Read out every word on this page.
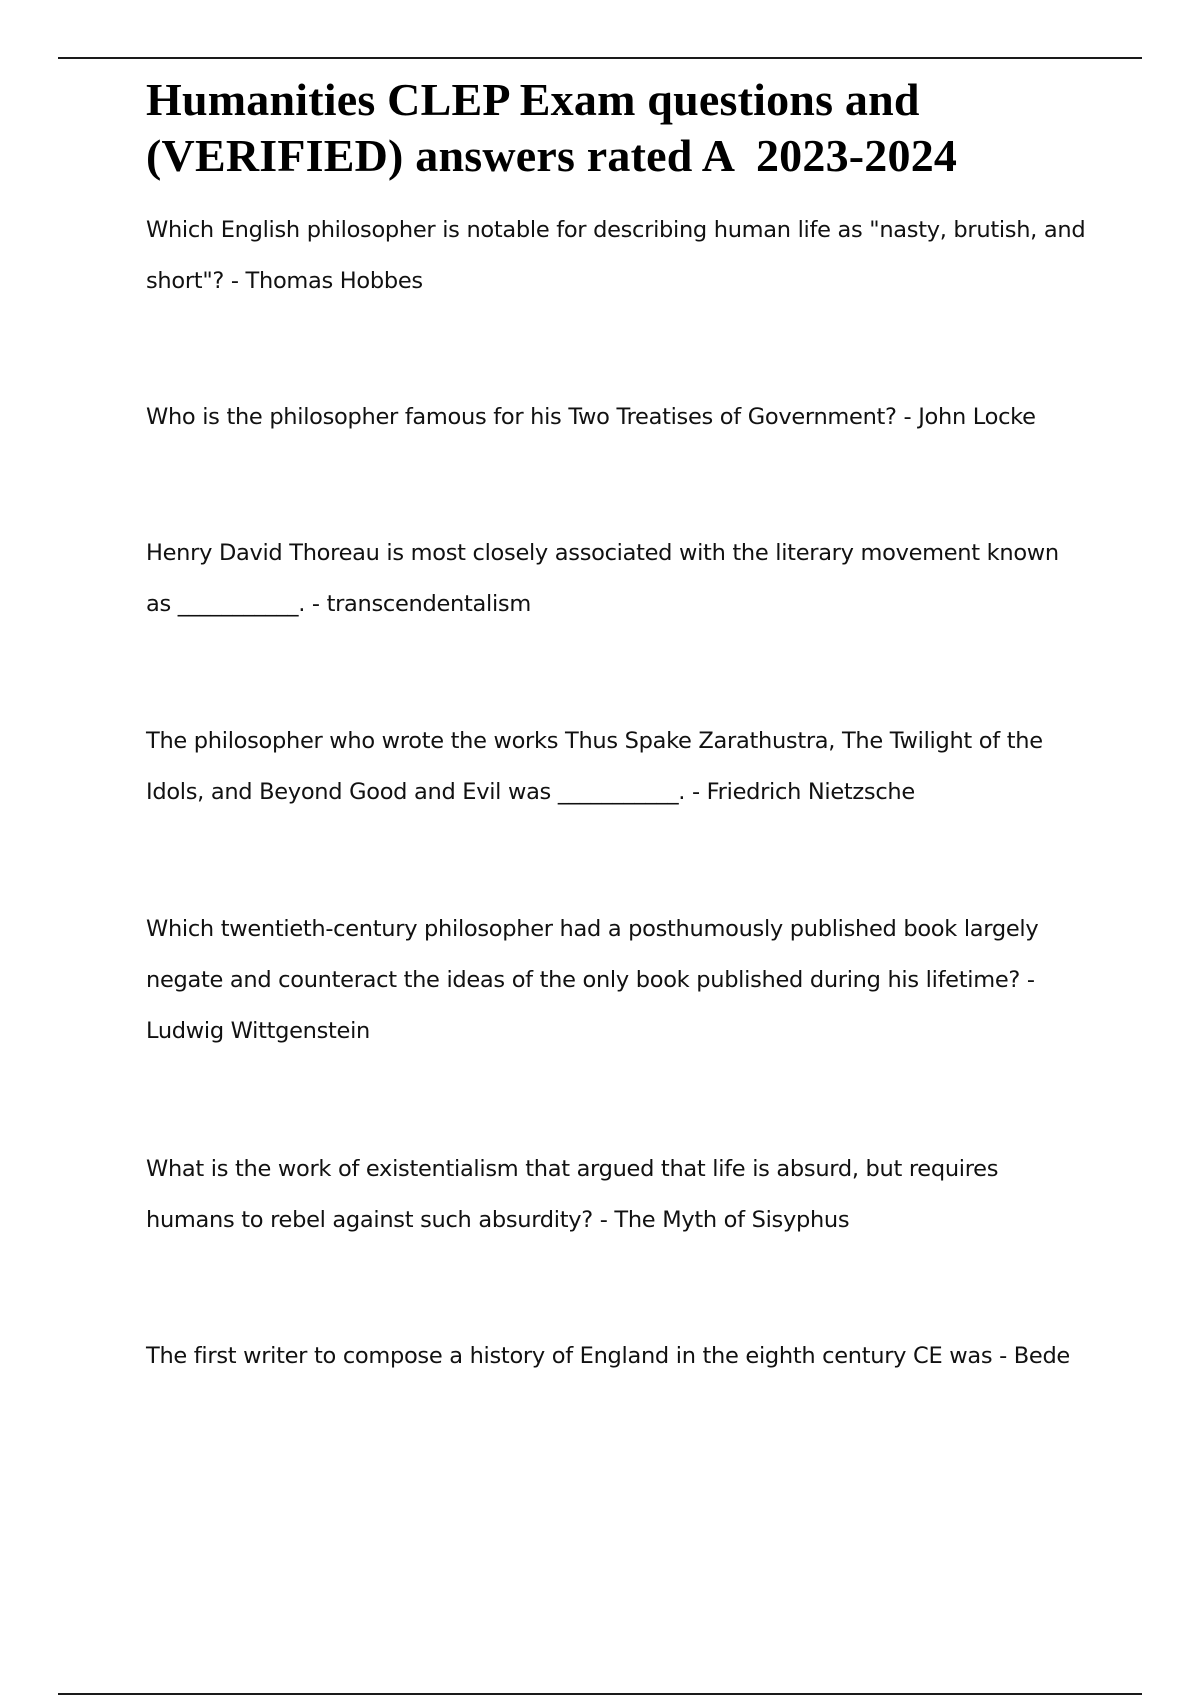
Humanities CLEP Exam questions and (VERIFIED) answers rated A  2023-2024

Which English philosopher is notable for describing human life as "nasty, brutish, and short"? - Thomas Hobbes

Who is the philosopher famous for his Two Treatises of Government? - John Locke

Henry David Thoreau is most closely associated with the literary movement known as ___________. - transcendentalism

The philosopher who wrote the works Thus Spake Zarathustra, The Twilight of the Idols, and Beyond Good and Evil was ___________. - Friedrich Nietzsche

Which twentieth-century philosopher had a posthumously published book largely negate and counteract the ideas of the only book published during his lifetime? - Ludwig Wittgenstein

What is the work of existentialism that argued that life is absurd, but requires humans to rebel against such absurdity? - The Myth of Sisyphus

The first writer to compose a history of England in the eighth century CE was - Bede
